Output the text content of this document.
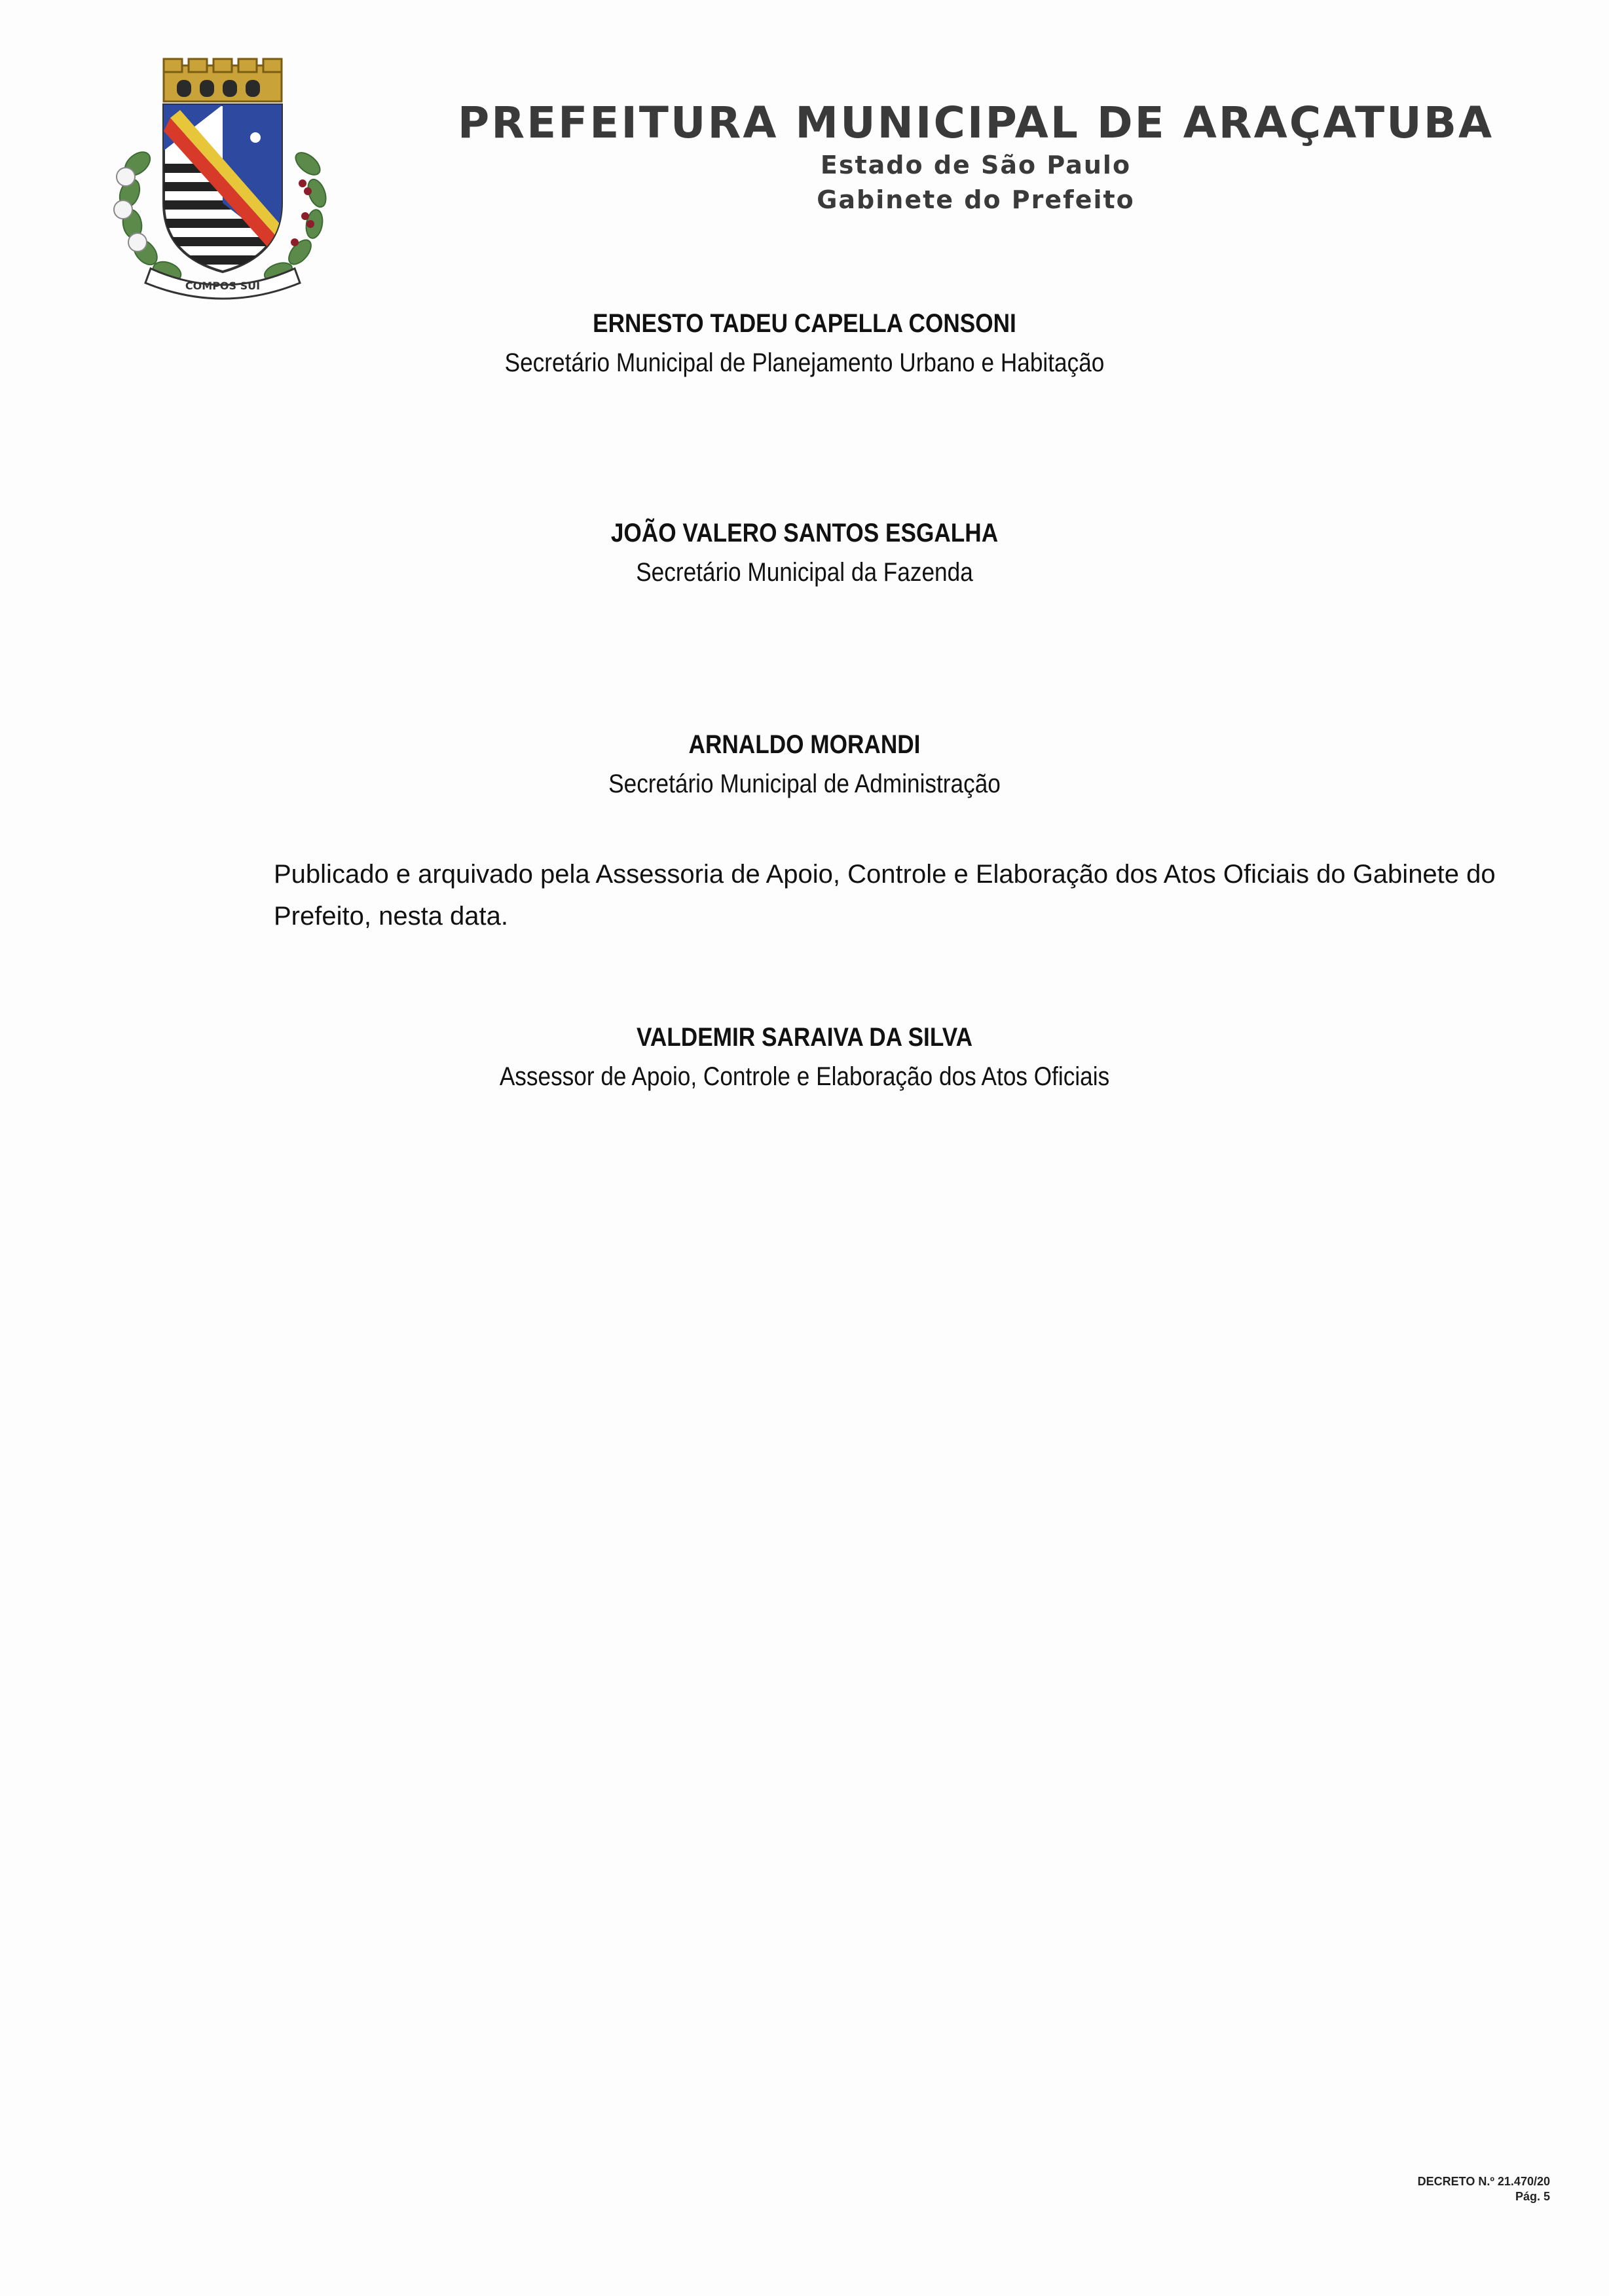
COMPOS SUI

PREFEITURA MUNICIPAL DE ARAÇATUBA

Estado de São Paulo

Gabinete do Prefeito

ERNESTO TADEU CAPELLA CONSONI

Secretário Municipal de Planejamento Urbano e Habitação

JOÃO VALERO SANTOS ESGALHA

Secretário Municipal da Fazenda

ARNALDO MORANDI

Secretário Municipal de Administração

Publicado e arquivado pela Assessoria de Apoio, Controle e Elaboração dos Atos Oficiais do Gabinete do
Prefeito, nesta data.

VALDEMIR SARAIVA DA SILVA

Assessor de Apoio, Controle e Elaboração dos Atos Oficiais

DECRETO N.º 21.470/20
Pág. 5
